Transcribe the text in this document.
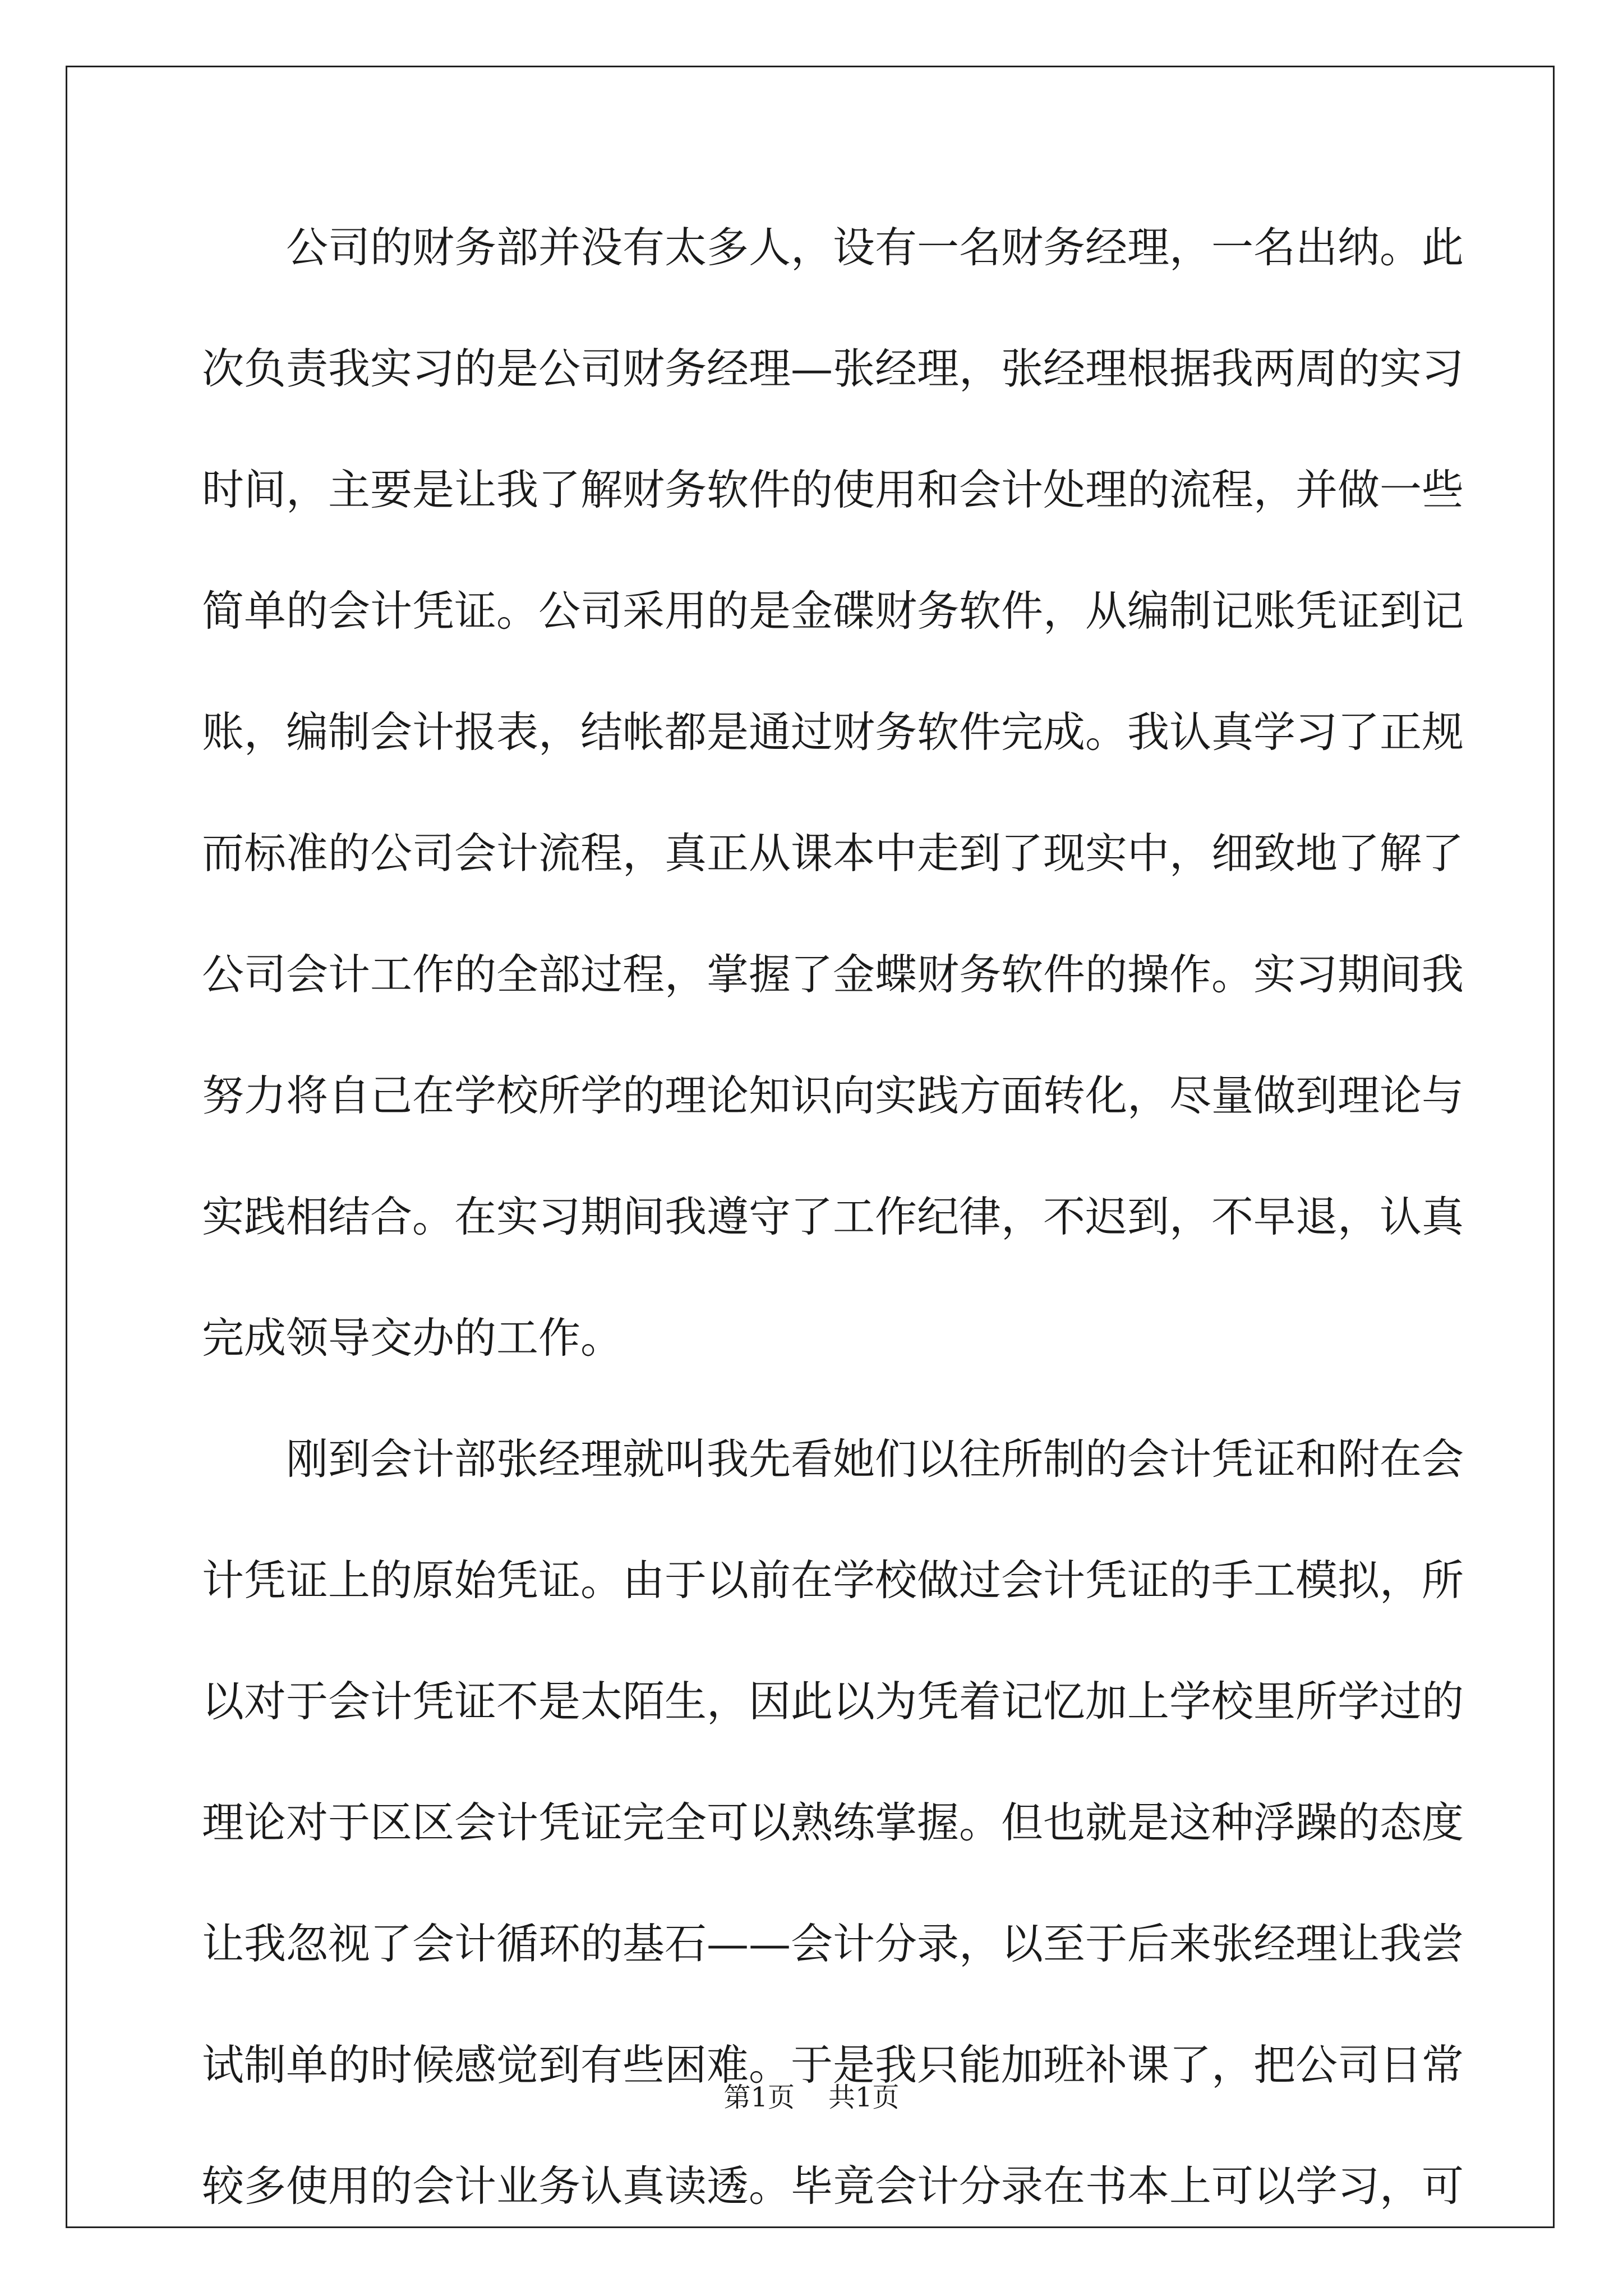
公司的财务部并没有太多人，设有一名财务经理，一名出纳。此
次负责我实习的是公司财务经理—张经理，张经理根据我两周的实习
时间，主要是让我了解财务软件的使用和会计处理的流程，并做一些
简单的会计凭证。公司采用的是金碟财务软件，从编制记账凭证到记
账，编制会计报表，结帐都是通过财务软件完成。我认真学习了正规
而标准的公司会计流程，真正从课本中走到了现实中，细致地了解了
公司会计工作的全部过程，掌握了金蝶财务软件的操作。实习期间我
努力将自己在学校所学的理论知识向实践方面转化，尽量做到理论与
实践相结合。在实习期间我遵守了工作纪律，不迟到，不早退，认真
完成领导交办的工作。
刚到会计部张经理就叫我先看她们以往所制的会计凭证和附在会
计凭证上的原始凭证。由于以前在学校做过会计凭证的手工模拟，所
以对于会计凭证不是太陌生，因此以为凭着记忆加上学校里所学过的
理论对于区区会计凭证完全可以熟练掌握。但也就是这种浮躁的态度
让我忽视了会计循环的基石——会计分录，以至于后来张经理让我尝
试制单的时候感觉到有些困难。于是我只能加班补课了，把公司日常
较多使用的会计业务认真读透。毕竟会计分录在书本上可以学习，可
第1页 共1页
